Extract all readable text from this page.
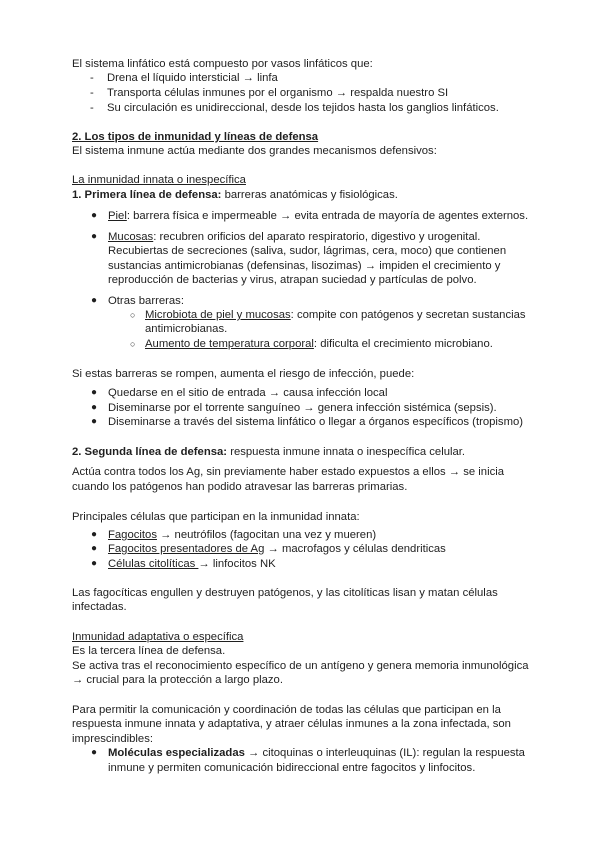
El sistema linfático está compuesto por vasos linfáticos que:
- Drena el líquido intersticial → linfa
- Transporta células inmunes por el organismo → respalda nuestro SI
- Su circulación es unidireccional, desde los tejidos hasta los ganglios linfáticos.
2. Los tipos de inmunidad y líneas de defensa
El sistema inmune actúa mediante dos grandes mecanismos defensivos:
La inmunidad innata o inespecífica
1. Primera línea de defensa: barreras anatómicas y fisiológicas.
● Piel: barrera física e impermeable → evita entrada de mayoría de agentes externos.
● Mucosas: recubren orificios del aparato respiratorio, digestivo y urogenital.
Recubiertas de secreciones (saliva, sudor, lágrimas, cera, moco) que contienen
sustancias antimicrobianas (defensinas, lisozimas) → impiden el crecimiento y
reproducción de bacterias y virus, atrapan suciedad y partículas de polvo.
● Otras barreras:
○ Microbiota de piel y mucosas: compite con patógenos y secretan sustancias
antimicrobianas.
○ Aumento de temperatura corporal: dificulta el crecimiento microbiano.
Si estas barreras se rompen, aumenta el riesgo de infección, puede:
● Quedarse en el sitio de entrada → causa infección local
● Diseminarse por el torrente sanguíneo → genera infección sistémica (sepsis).
● Diseminarse a través del sistema linfático o llegar a órganos específicos (tropismo)
2. Segunda línea de defensa: respuesta inmune innata o inespecífica celular.
Actúa contra todos los Ag, sin previamente haber estado expuestos a ellos → se inicia
cuando los patógenos han podido atravesar las barreras primarias.
Principales células que participan en la inmunidad innata:
● Fagocitos → neutrófilos (fagocitan una vez y mueren)
● Fagocitos presentadores de Ag → macrofagos y células dendriticas
● Células citolíticas → linfocitos NK
Las fagocíticas engullen y destruyen patógenos, y las citolíticas lisan y matan células
infectadas.
Inmunidad adaptativa o específica
Es la tercera línea de defensa.
Se activa tras el reconocimiento específico de un antígeno y genera memoria inmunológica
→ crucial para la protección a largo plazo.
Para permitir la comunicación y coordinación de todas las células que participan en la
respuesta inmune innata y adaptativa, y atraer células inmunes a la zona infectada, son
imprescindibles:
● Moléculas especializadas → citoquinas o interleuquinas (IL): regulan la respuesta
inmune y permiten comunicación bidireccional entre fagocitos y linfocitos.
